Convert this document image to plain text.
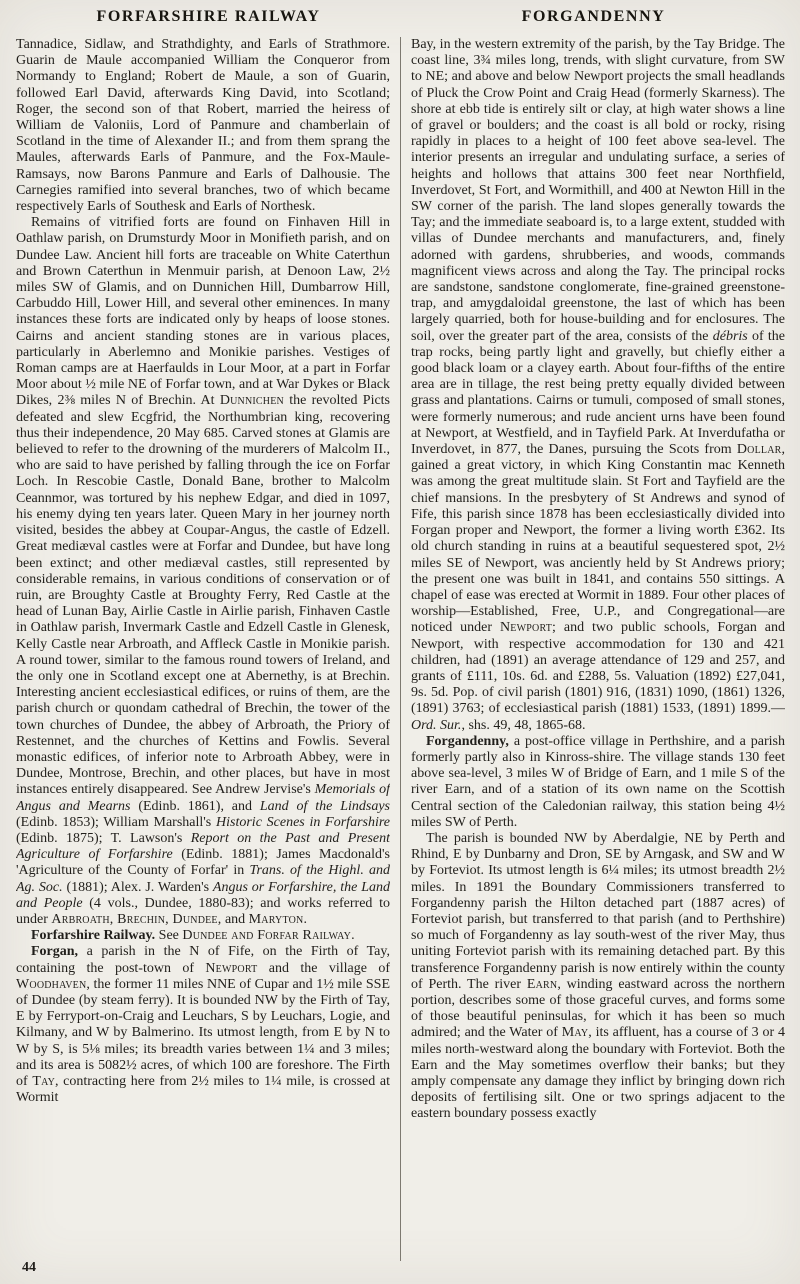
FORFARSHIRE RAILWAY	FORGANDENNY

Tannadice, Sidlaw, and Strathdighty, and Earls of Strathmore. Guarin de Maule accompanied William the Conqueror from Normandy to England; Robert de Maule, a son of Guarin, followed Earl David, afterwards King David, into Scotland; Roger, the second son of that Robert, married the heiress of William de Valoniis, Lord of Panmure and chamberlain of Scotland in the time of Alexander II.; and from them sprang the Maules, afterwards Earls of Panmure, and the Fox-Maule-Ramsays, now Barons Panmure and Earls of Dalhousie. The Carnegies ramified into several branches, two of which became respectively Earls of Southesk and Earls of Northesk.

Remains of vitrified forts are found on Finhaven Hill in Oathlaw parish, on Drumsturdy Moor in Monifieth parish, and on Dundee Law. Ancient hill forts are traceable on White Caterthun and Brown Caterthun in Menmuir parish, at Denoon Law, 2½ miles SW of Glamis, and on Dunnichen Hill, Dumbarrow Hill, Carbuddo Hill, Lower Hill, and several other eminences. In many instances these forts are indicated only by heaps of loose stones. Cairns and ancient standing stones are in various places, particularly in Aberlemno and Monikie parishes. Vestiges of Roman camps are at Haerfaulds in Lour Moor, at a part in Forfar Moor about ½ mile NE of Forfar town, and at War Dykes or Black Dikes, 2⅜ miles N of Brechin. At Dunnichen the revolted Picts defeated and slew Ecgfrid, the Northumbrian king, recovering thus their independence, 20 May 685. Carved stones at Glamis are believed to refer to the drowning of the murderers of Malcolm II., who are said to have perished by falling through the ice on Forfar Loch. In Rescobie Castle, Donald Bane, brother to Malcolm Ceannmor, was tortured by his nephew Edgar, and died in 1097, his enemy dying ten years later. Queen Mary in her journey north visited, besides the abbey at Coupar-Angus, the castle of Edzell. Great mediæval castles were at Forfar and Dundee, but have long been extinct; and other mediæval castles, still represented by considerable remains, in various conditions of conservation or of ruin, are Broughty Castle at Broughty Ferry, Red Castle at the head of Lunan Bay, Airlie Castle in Airlie parish, Finhaven Castle in Oathlaw parish, Invermark Castle and Edzell Castle in Glenesk, Kelly Castle near Arbroath, and Affleck Castle in Monikie parish. A round tower, similar to the famous round towers of Ireland, and the only one in Scotland except one at Abernethy, is at Brechin. Interesting ancient ecclesiastical edifices, or ruins of them, are the parish church or quondam cathedral of Brechin, the tower of the town churches of Dundee, the abbey of Arbroath, the Priory of Restennet, and the churches of Kettins and Fowlis. Several monastic edifices, of inferior note to Arbroath Abbey, were in Dundee, Montrose, Brechin, and other places, but have in most instances entirely disappeared. See Andrew Jervise's Memorials of Angus and Mearns (Edinb. 1861), and Land of the Lindsays (Edinb. 1853); William Marshall's Historic Scenes in Forfarshire (Edinb. 1875); T. Lawson's Report on the Past and Present Agriculture of Forfarshire (Edinb. 1881); James Macdonald's 'Agriculture of the County of Forfar' in Trans. of the Highl. and Ag. Soc. (1881); Alex. J. Warden's Angus or Forfarshire, the Land and People (4 vols., Dundee, 1880-83); and works referred to under Arbroath, Brechin, Dundee, and Maryton.

Forfarshire Railway. See Dundee and Forfar Railway.

Forgan, a parish in the N of Fife, on the Firth of Tay, containing the post-town of Newport and the village of Woodhaven, the former 11 miles NNE of Cupar and 1½ mile SSE of Dundee (by steam ferry). It is bounded NW by the Firth of Tay, E by Ferryport-on-Craig and Leuchars, S by Leuchars, Logie, and Kilmany, and W by Balmerino. Its utmost length, from E by N to W by S, is 5⅛ miles; its breadth varies between 1¼ and 3 miles; and its area is 5082½ acres, of which 100 are foreshore. The Firth of Tay, contracting here from 2½ miles to 1¼ mile, is crossed at Wormit

Bay, in the western extremity of the parish, by the Tay Bridge. The coast line, 3¾ miles long, trends, with slight curvature, from SW to NE; and above and below Newport projects the small headlands of Pluck the Crow Point and Craig Head (formerly Skarness). The shore at ebb tide is entirely silt or clay, at high water shows a line of gravel or boulders; and the coast is all bold or rocky, rising rapidly in places to a height of 100 feet above sea-level. The interior presents an irregular and undulating surface, a series of heights and hollows that attains 300 feet near Northfield, Inverdovet, St Fort, and Wormithill, and 400 at Newton Hill in the SW corner of the parish. The land slopes generally towards the Tay; and the immediate seaboard is, to a large extent, studded with villas of Dundee merchants and manufacturers, and, finely adorned with gardens, shrubberies, and woods, commands magnificent views across and along the Tay. The principal rocks are sandstone, sandstone conglomerate, fine-grained greenstone-trap, and amygdaloidal greenstone, the last of which has been largely quarried, both for house-building and for enclosures. The soil, over the greater part of the area, consists of the débris of the trap rocks, being partly light and gravelly, but chiefly either a good black loam or a clayey earth. About four-fifths of the entire area are in tillage, the rest being pretty equally divided between grass and plantations. Cairns or tumuli, composed of small stones, were formerly numerous; and rude ancient urns have been found at Newport, at Westfield, and in Tayfield Park. At Inverdufatha or Inverdovet, in 877, the Danes, pursuing the Scots from Dollar, gained a great victory, in which King Constantin mac Kenneth was among the great multitude slain. St Fort and Tayfield are the chief mansions. In the presbytery of St Andrews and synod of Fife, this parish since 1878 has been ecclesiastically divided into Forgan proper and Newport, the former a living worth £362. Its old church standing in ruins at a beautiful sequestered spot, 2½ miles SE of Newport, was anciently held by St Andrews priory; the present one was built in 1841, and contains 550 sittings. A chapel of ease was erected at Wormit in 1889. Four other places of worship—Established, Free, U.P., and Congregational—are noticed under Newport; and two public schools, Forgan and Newport, with respective accommodation for 130 and 421 children, had (1891) an average attendance of 129 and 257, and grants of £111, 10s. 6d. and £288, 5s. Valuation (1892) £27,041, 9s. 5d. Pop. of civil parish (1801) 916, (1831) 1090, (1861) 1326, (1891) 3763; of ecclesiastical parish (1881) 1533, (1891) 1899.—Ord. Sur., shs. 49, 48, 1865-68.

Forgandenny, a post-office village in Perthshire, and a parish formerly partly also in Kinross-shire. The village stands 130 feet above sea-level, 3 miles W of Bridge of Earn, and 1 mile S of the river Earn, and of a station of its own name on the Scottish Central section of the Caledonian railway, this station being 4½ miles SW of Perth.

The parish is bounded NW by Aberdalgie, NE by Perth and Rhind, E by Dunbarny and Dron, SE by Arngask, and SW and W by Forteviot. Its utmost length is 6¼ miles; its utmost breadth 2½ miles. In 1891 the Boundary Commissioners transferred to Forgandenny parish the Hilton detached part (1887 acres) of Forteviot parish, but transferred to that parish (and to Perthshire) so much of Forgandenny as lay south-west of the river May, thus uniting Forteviot parish with its remaining detached part. By this transference Forgandenny parish is now entirely within the county of Perth. The river Earn, winding eastward across the northern portion, describes some of those graceful curves, and forms some of those beautiful peninsulas, for which it has been so much admired; and the Water of May, its affluent, has a course of 3 or 4 miles north-westward along the boundary with Forteviot. Both the Earn and the May sometimes overflow their banks; but they amply compensate any damage they inflict by bringing down rich deposits of fertilising silt. One or two springs adjacent to the eastern boundary possess exactly

44
